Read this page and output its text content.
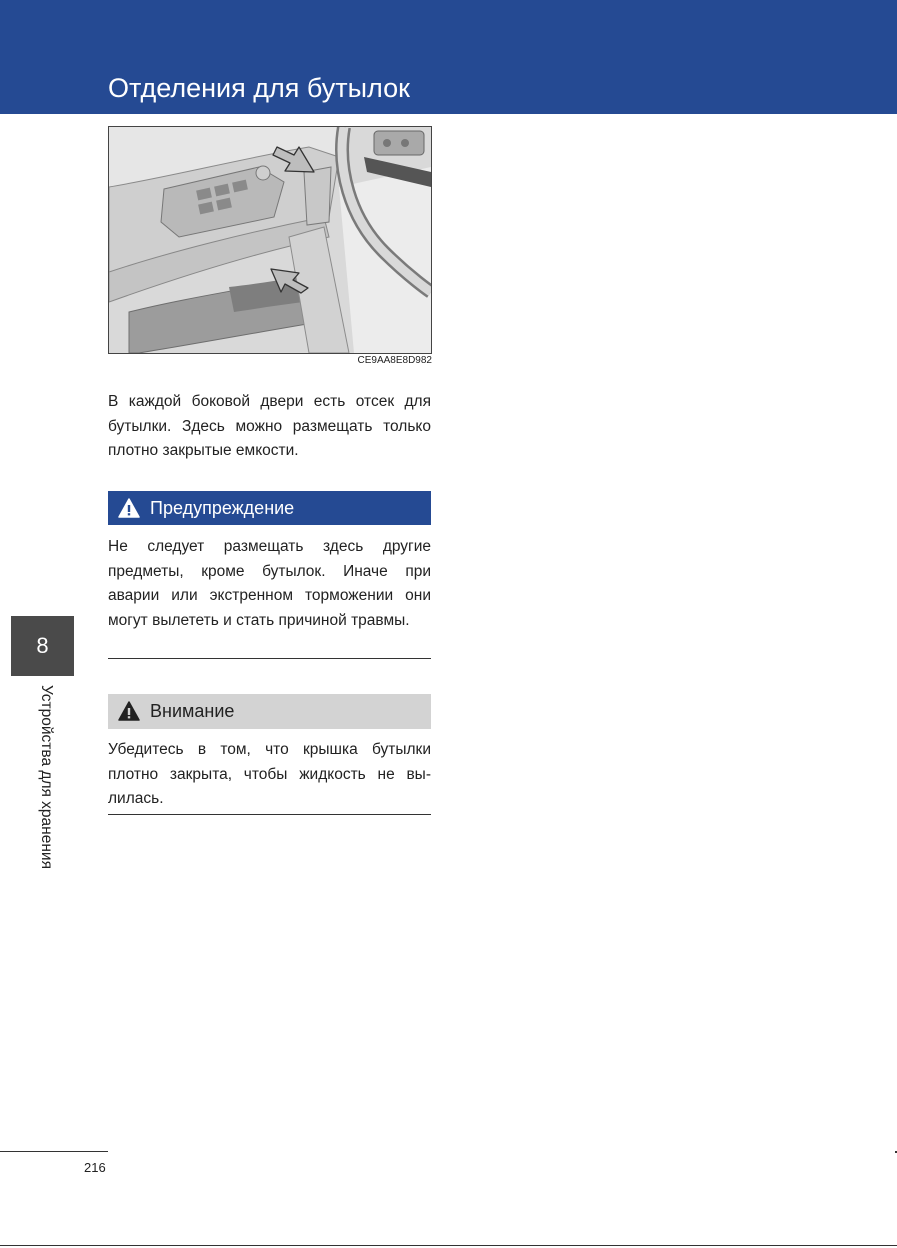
Отделения для бутылок
CE9AA8E8D982

В каждой боковой двери есть отсек для бутылки. Здесь можно размещать только плотно закрытые емкости.

Предупреждение

Не следует размещать здесь другие предметы, кроме бутылок. Иначе при аварии или экстренном торможении они могут вылететь и стать причиной травмы.

Внимание

Убедитесь в том, что крышка бутылки плотно закрыта, чтобы жидкость не вы-лилась.

8
Устройства для хранения
216
